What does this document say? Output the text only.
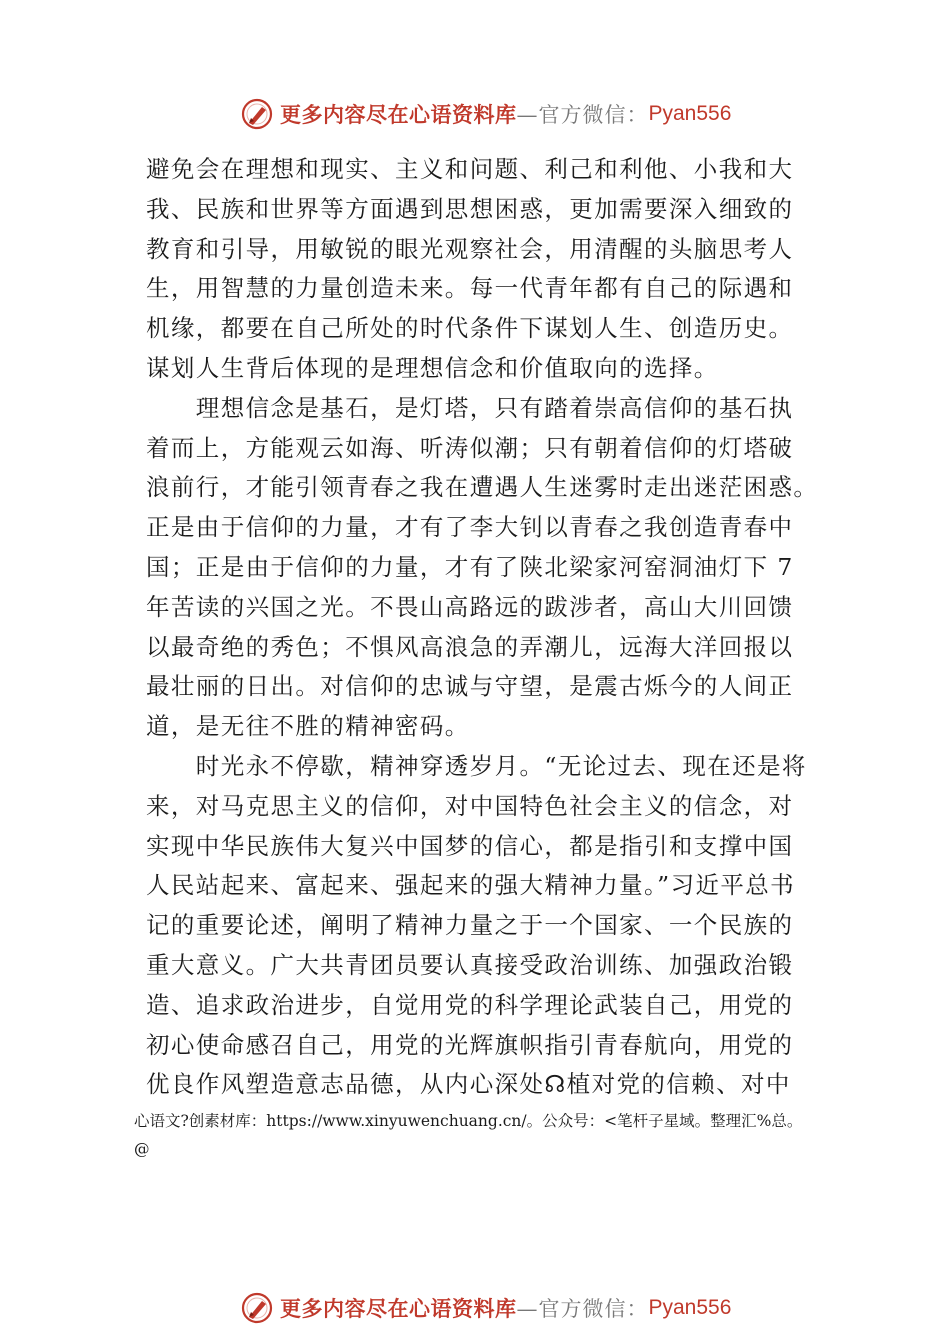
更多内容尽在心语资料库 —官方微信： Pyan556
避免会在理想和现实、主义和问题、利己和利他、小我和大
我、民族和世界等方面遇到思想困惑，更加需要深入细致的
教育和引导，用敏锐的眼光观察社会，用清醒的头脑思考人
生，用智慧的力量创造未来。每一代青年都有自己的际遇和
机缘，都要在自己所处的时代条件下谋划人生、创造历史。
谋划人生背后体现的是理想信念和价值取向的选择。
　　理想信念是基石，是灯塔，只有踏着崇高信仰的基石执
着而上，方能观云如海、听涛似潮；只有朝着信仰的灯塔破
浪前行，才能引领青春之我在遭遇人生迷雾时走出迷茫困惑。
正是由于信仰的力量，才有了李大钊以青春之我创造青春中
国；正是由于信仰的力量，才有了陕北梁家河窑洞油灯下 7
年苦读的兴国之光。不畏山高路远的跋涉者，高山大川回馈
以最奇绝的秀色；不惧风高浪急的弄潮儿，远海大洋回报以
最壮丽的日出。对信仰的忠诚与守望，是震古烁今的人间正
道，是无往不胜的精神密码。
　　时光永不停歇，精神穿透岁月。“无论过去、现在还是将
来，对马克思主义的信仰，对中国特色社会主义的信念，对
实现中华民族伟大复兴中国梦的信心，都是指引和支撑中国
人民站起来、富起来、强起来的强大精神力量。”习近平总书
记的重要论述，阐明了精神力量之于一个国家、一个民族的
重大意义。广大共青团员要认真接受政治训练、加强政治锻
造、追求政治进步，自觉用党的科学理论武装自己，用党的
初心使命感召自己，用党的光辉旗帜指引青春航向，用党的
优良作风塑造意志品德，从内心深处☊植对党的信赖、对中
心语文?创素材库：https://www.xinyuwenchuang.cn/。公众号：<笔杆子星域。整理汇%总。
@
更多内容尽在心语资料库 —官方微信： Pyan556
